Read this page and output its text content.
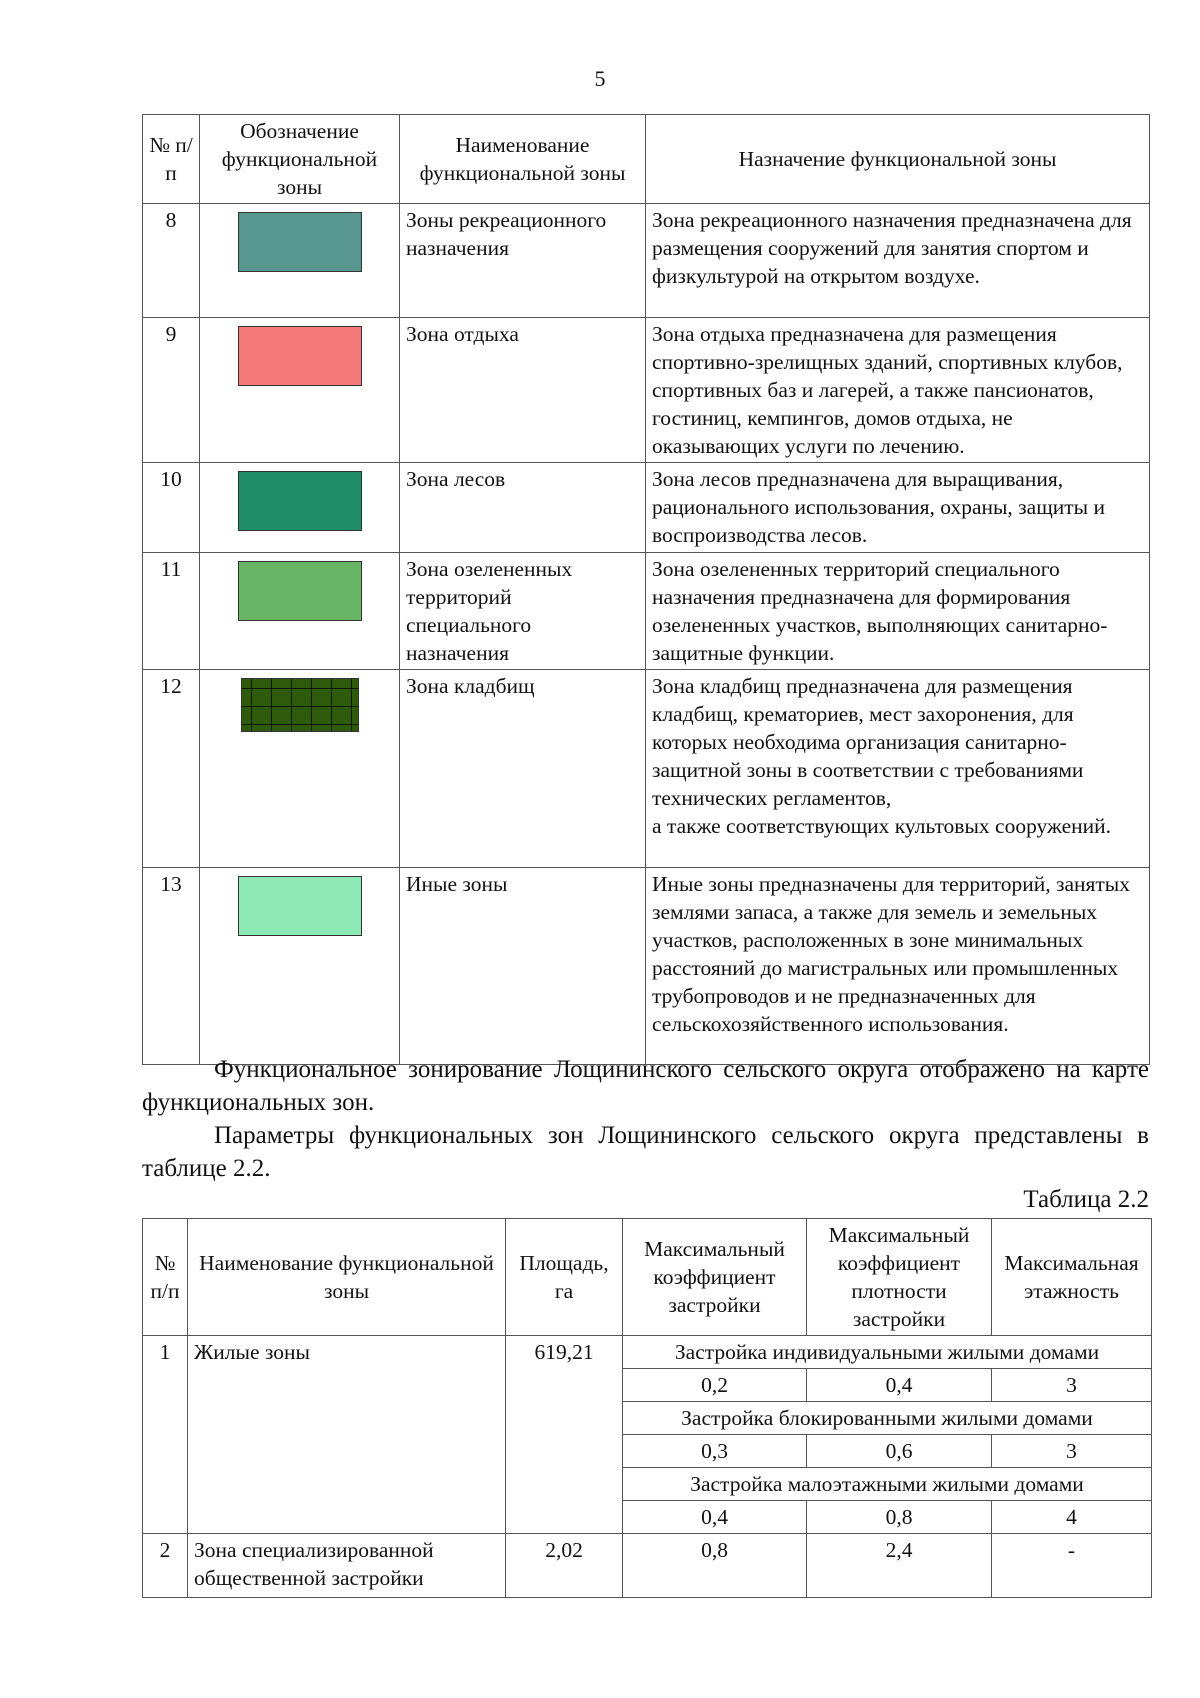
5
№ п/п	Обозначение функциональной зоны	Наименование функциональной зоны	Назначение функциональной зоны
8		Зоны рекреационного назначения	Зона рекреационного назначения предназначена для размещения сооружений для занятия спортом и физкультурой на открытом воздухе.
9		Зона отдыха	Зона отдыха предназначена для размещения спортивно-зрелищных зданий, спортивных клубов, спортивных баз и лагерей, а также пансионатов, гостиниц, кемпингов, домов отдыха, не оказывающих услуги по лечению.
10		Зона лесов	Зона лесов предназначена для выращивания, рационального использования, охраны, защиты и воспроизводства лесов.
11		Зона озелененных территорий специального назначения	Зона озелененных территорий специального назначения предназначена для формирования озелененных участков, выполняющих санитарно-защитные функции.
12		Зона кладбищ	Зона кладбищ предназначена для размещения кладбищ, крематориев, мест захоронения, для которых необходима организация санитарно-защитной зоны в соответствии с требованиями технических регламентов,
а также соответствующих культовых сооружений.
13		Иные зоны	Иные зоны предназначены для территорий, занятых землями запаса, а также для земель и земельных участков, расположенных в зоне минимальных расстояний до магистральных или промышленных трубопроводов и не предназначенных для сельскохозяйственного использования.
Функциональное зонирование Лощининского сельского округа отображено на карте функциональных зон.
Параметры функциональных зон Лощининского сельского округа представлены в таблице 2.2.
Таблица 2.2
№ п/п	Наименование функциональной зоны	Площадь, га	Максимальный коэффициент застройки	Максимальный коэффициент плотности застройки	Максимальная этажность
1	Жилые зоны	619,21	Застройка индивидуальными жилыми домами		
			0,2	0,4	3
			Застройка блокированными жилыми домами		
			0,3	0,6	3
			Застройка малоэтажными жилыми домами		
			0,4	0,8	4
2	Зона специализированной общественной застройки	2,02	0,8	2,4	-
